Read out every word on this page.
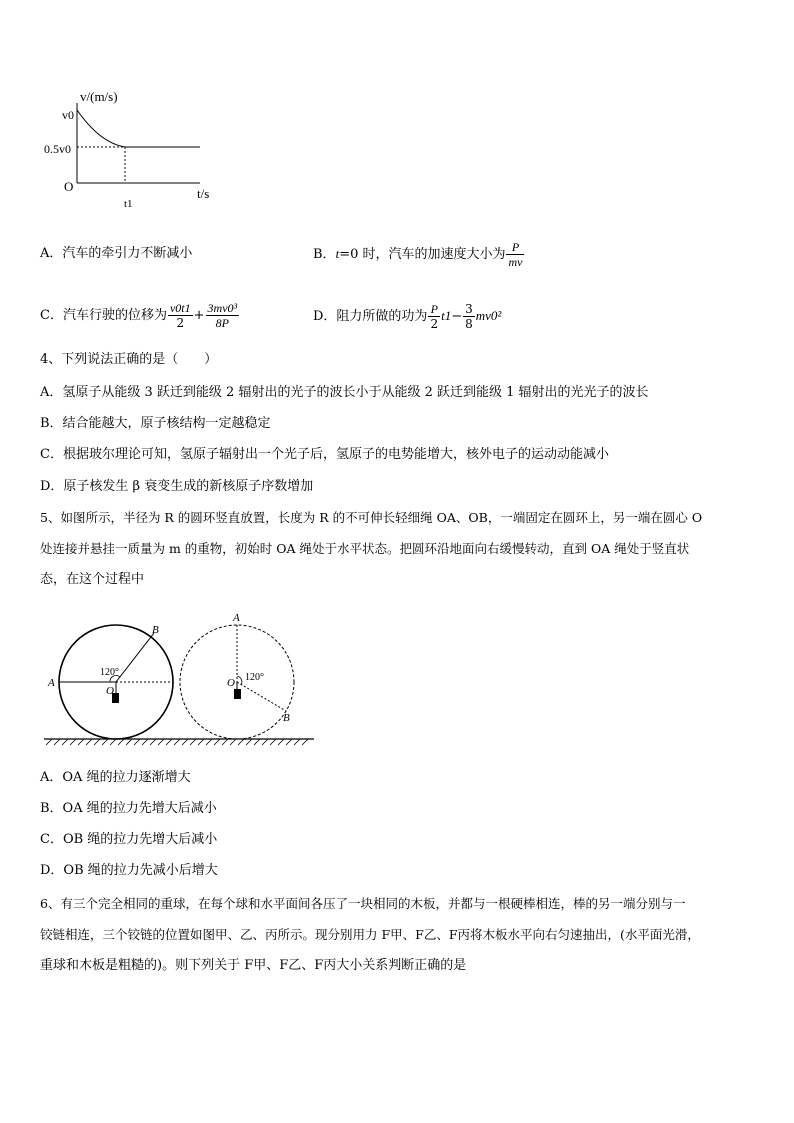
v/(m/s)
v0
0.5v0
O	t/s
t1
A．汽车的牵引力不断减小	B．t=0 时，汽车的加速度大小为 $\frac{P}{mv}$
C．汽车行驶的位移为 $\frac{v0t1}{2} + \frac{\text{3mv0³}}{8P}$	D．阻力所做的功为 $\frac{P}{2} t1- \frac{3}{8} mv0^2$
4、下列说法正确的是（　　）
A．氢原子从能级 3 跃迁到能级 2 辐射出的光子的波长小于从能级 2 跃迁到能级 1 辐射出的光光子的波长
B．结合能越大，原子核结构一定越稳定
C．根据玻尔理论可知，氢原子辐射出一个光子后，氢原子的电势能增大，核外电子的运动动能减小
D．原子核发生 β 衰变生成的新核原子序数增加
5、如图所示，半径为 R 的圆环竖直放置，长度为 R 的不可伸长轻细绳 OA、OB，一端固定在圆环上，另一端在圆心 O
处连接并悬挂一质量为 m 的重物，初始时 OA 绳处于水平状态。把圆环沿地面向右缓慢转动，直到 OA 绳处于竖直状
态，在这个过程中
A
B
O
120°
A
B
O 120°
A．OA 绳的拉力逐渐增大
B．OA 绳的拉力先增大后减小
C．OB 绳的拉力先增大后减小
D．OB 绳的拉力先减小后增大
6、有三个完全相同的重球，在每个球和水平面间各压了一块相同的木板，并都与一根硬棒相连，棒的另一端分别与一
铰链相连，三个铰链的位置如图甲、乙、丙所示。现分别用力 F甲、F乙、F丙将木板水平向右匀速抽出，(水平面光滑，
重球和木板是粗糙的)。则下列关于 F甲、F乙、F丙大小关系判断正确的是
